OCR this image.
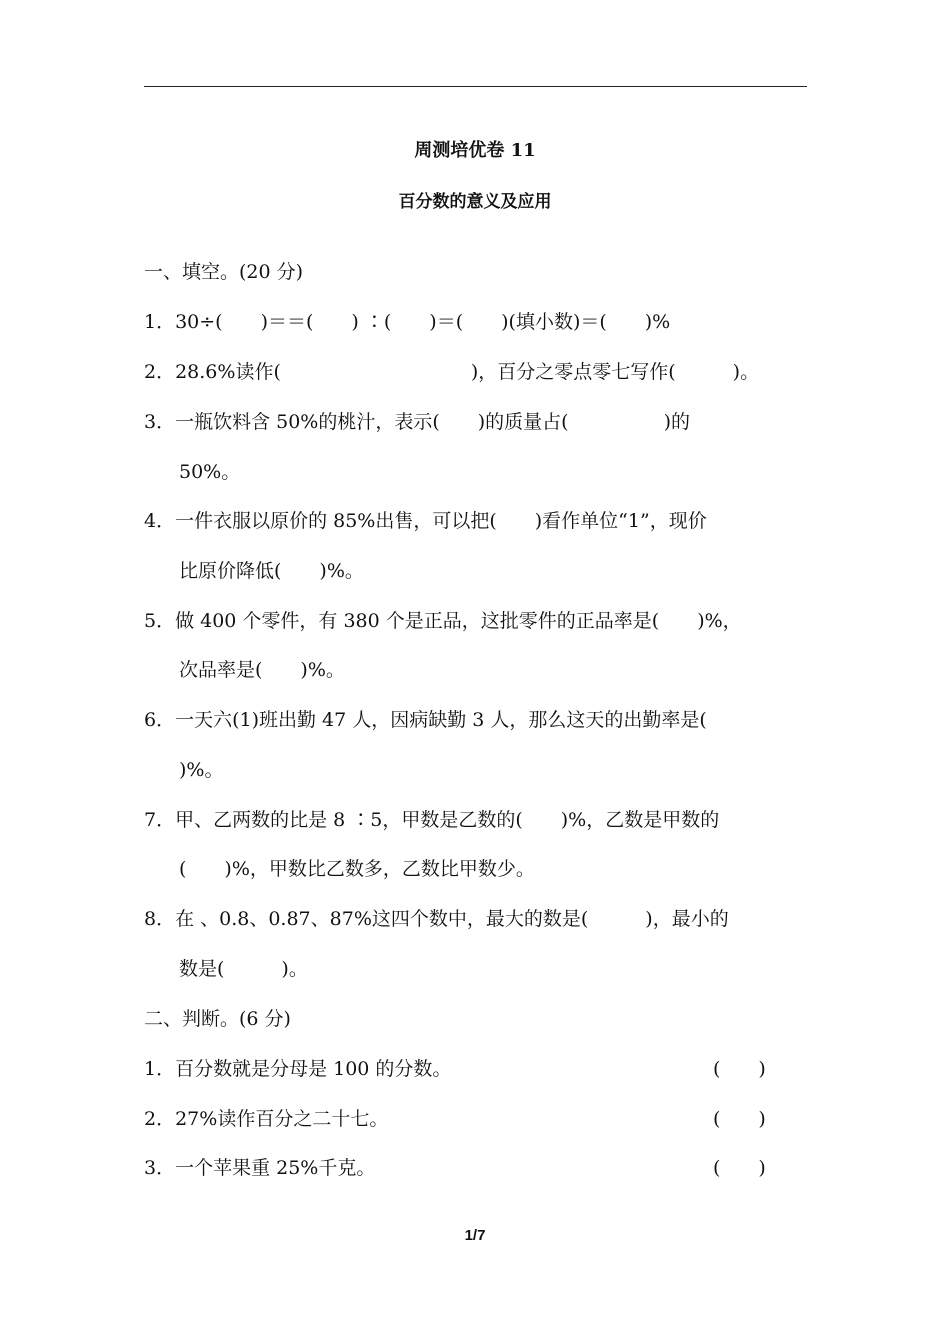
周测培优卷 11
百分数的意义及应用
一、填空。(20 分)
1．30÷(　　)＝＝(　　) ∶(　　)＝(　　)(填小数)＝(　　)%
2．28.6%读作(　　　　　　　　　　)，百分之零点零七写作(　　　)。
3．一瓶饮料含 50%的桃汁，表示(　　)的质量占(　　　　　)的
50%。
4．一件衣服以原价的 85%出售，可以把(　　)看作单位“1”，现价
比原价降低(　　)%。
5．做 400 个零件，有 380 个是正品，这批零件的正品率是(　　)%，
次品率是(　　)%。
6．一天六(1)班出勤 47 人，因病缺勤 3 人，那么这天的出勤率是(
)%。
7．甲、乙两数的比是 8 ∶5，甲数是乙数的(　　)%，乙数是甲数的
(　　)%，甲数比乙数多，乙数比甲数少。
8．在 、0.8、0.87、87%这四个数中，最大的数是(　　　)，最小的
数是(　　　)。
二、判断。(6 分)
1．百分数就是分母是 100 的分数。	(　　)
2．27%读作百分之二十七。	(　　)
3．一个苹果重 25%千克。	(　　)
1/7
